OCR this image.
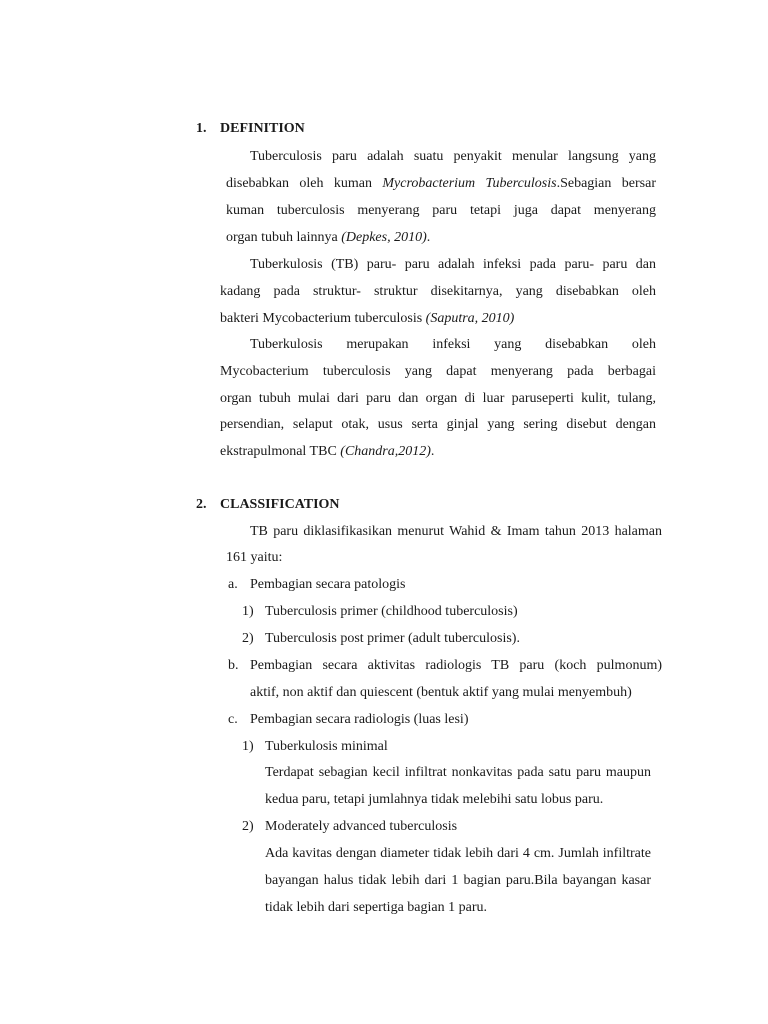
1. DEFINITION
Tuberculosis paru adalah suatu penyakit menular langsung yang
disebabkan oleh kuman Mycrobacterium Tuberculosis.Sebagian bersar
kuman tuberculosis menyerang paru tetapi juga dapat menyerang
organ tubuh lainnya (Depkes, 2010).
Tuberkulosis (TB) paru- paru adalah infeksi pada paru- paru dan
kadang pada struktur- struktur disekitarnya, yang disebabkan oleh
bakteri Mycobacterium tuberculosis (Saputra, 2010)
Tuberkulosis merupakan infeksi yang disebabkan oleh
Mycobacterium tuberculosis yang dapat menyerang pada berbagai
organ tubuh mulai dari paru dan organ di luar paruseperti kulit, tulang,
persendian, selaput otak, usus serta ginjal yang sering disebut dengan
ekstrapulmonal TBC (Chandra,2012).
2. CLASSIFICATION
TB paru diklasifikasikan menurut Wahid & Imam tahun 2013 halaman
161 yaitu:
a. Pembagian secara patologis
1) Tuberculosis primer (childhood tuberculosis)
2) Tuberculosis post primer (adult tuberculosis).
b. Pembagian secara aktivitas radiologis TB paru (koch pulmonum)
aktif, non aktif dan quiescent (bentuk aktif yang mulai menyembuh)
c. Pembagian secara radiologis (luas lesi)
1) Tuberkulosis minimal
Terdapat sebagian kecil infiltrat nonkavitas pada satu paru maupun
kedua paru, tetapi jumlahnya tidak melebihi satu lobus paru.
2) Moderately advanced tuberculosis
Ada kavitas dengan diameter tidak lebih dari 4 cm. Jumlah infiltrate
bayangan halus tidak lebih dari 1 bagian paru.Bila bayangan kasar
tidak lebih dari sepertiga bagian 1 paru.
